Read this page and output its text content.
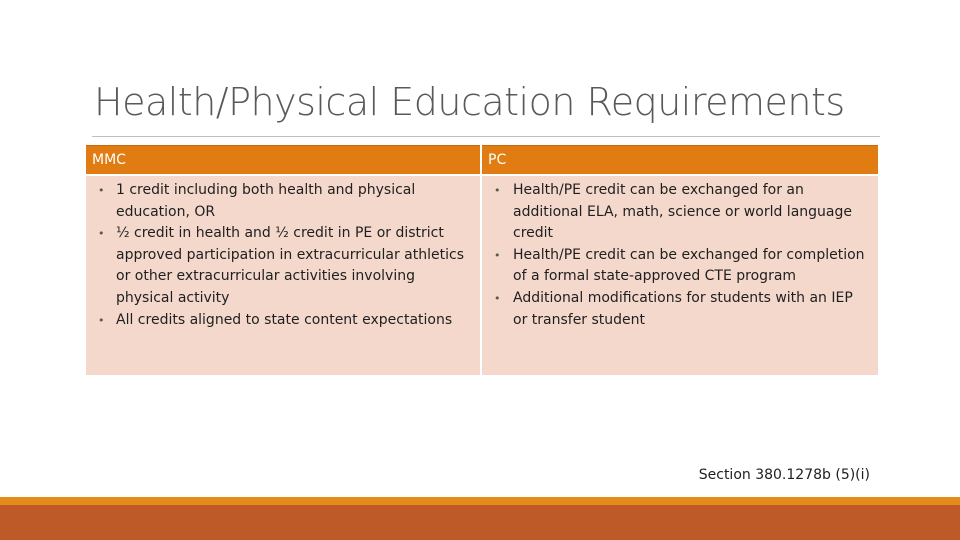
Health/Physical Education Requirements
MMC	PC
• 1 credit including both health and physical education, OR
• ½ credit in health and ½ credit in PE or district approved participation in extracurricular athletics or other extracurricular activities involving physical activity
• All credits aligned to state content expectations
• Health/PE credit can be exchanged for an additional ELA, math, science or world language credit
• Health/PE credit can be exchanged for completion of a formal state-approved CTE program
• Additional modifications for students with an IEP or transfer student
Section 380.1278b (5)(i)
